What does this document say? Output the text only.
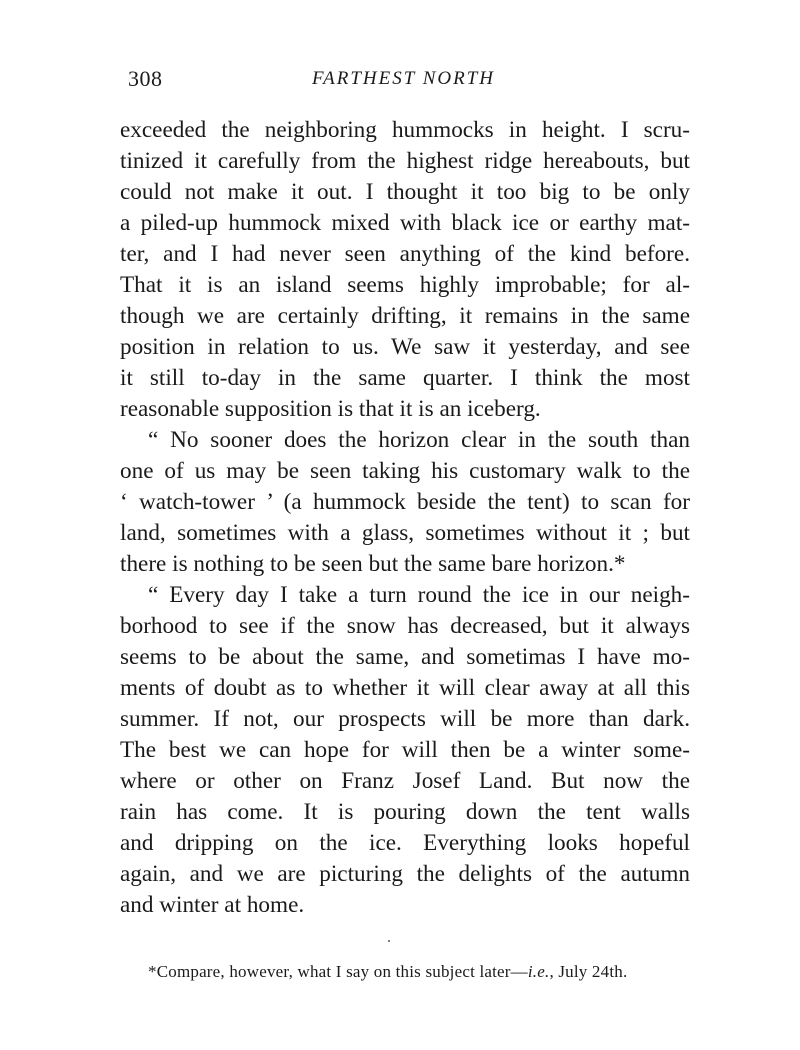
308	FARTHEST NORTH
exceeded the neighboring hummocks in height. I scru-
tinized it carefully from the highest ridge hereabouts, but
could not make it out. I thought it too big to be only
a piled-up hummock mixed with black ice or earthy mat-
ter, and I had never seen anything of the kind before.
That it is an island seems highly improbable; for al-
though we are certainly drifting, it remains in the same
position in relation to us. We saw it yesterday, and see
it still to-day in the same quarter. I think the most
reasonable supposition is that it is an iceberg.
“ No sooner does the horizon clear in the south than
one of us may be seen taking his customary walk to the
‘ watch-tower ’ (a hummock beside the tent) to scan for
land, sometimes with a glass, sometimes without it ; but
there is nothing to be seen but the same bare horizon.*
“ Every day I take a turn round the ice in our neigh-
borhood to see if the snow has decreased, but it always
seems to be about the same, and sometimas I have mo-
ments of doubt as to whether it will clear away at all this
summer. If not, our prospects will be more than dark.
The best we can hope for will then be a winter some-
where or other on Franz Josef Land. But now the
rain has come. It is pouring down the tent walls
and dripping on the ice. Everything looks hopeful
again, and we are picturing the delights of the autumn
and winter at home.
*Compare, however, what I say on this subject later—i.e., July 24th.
